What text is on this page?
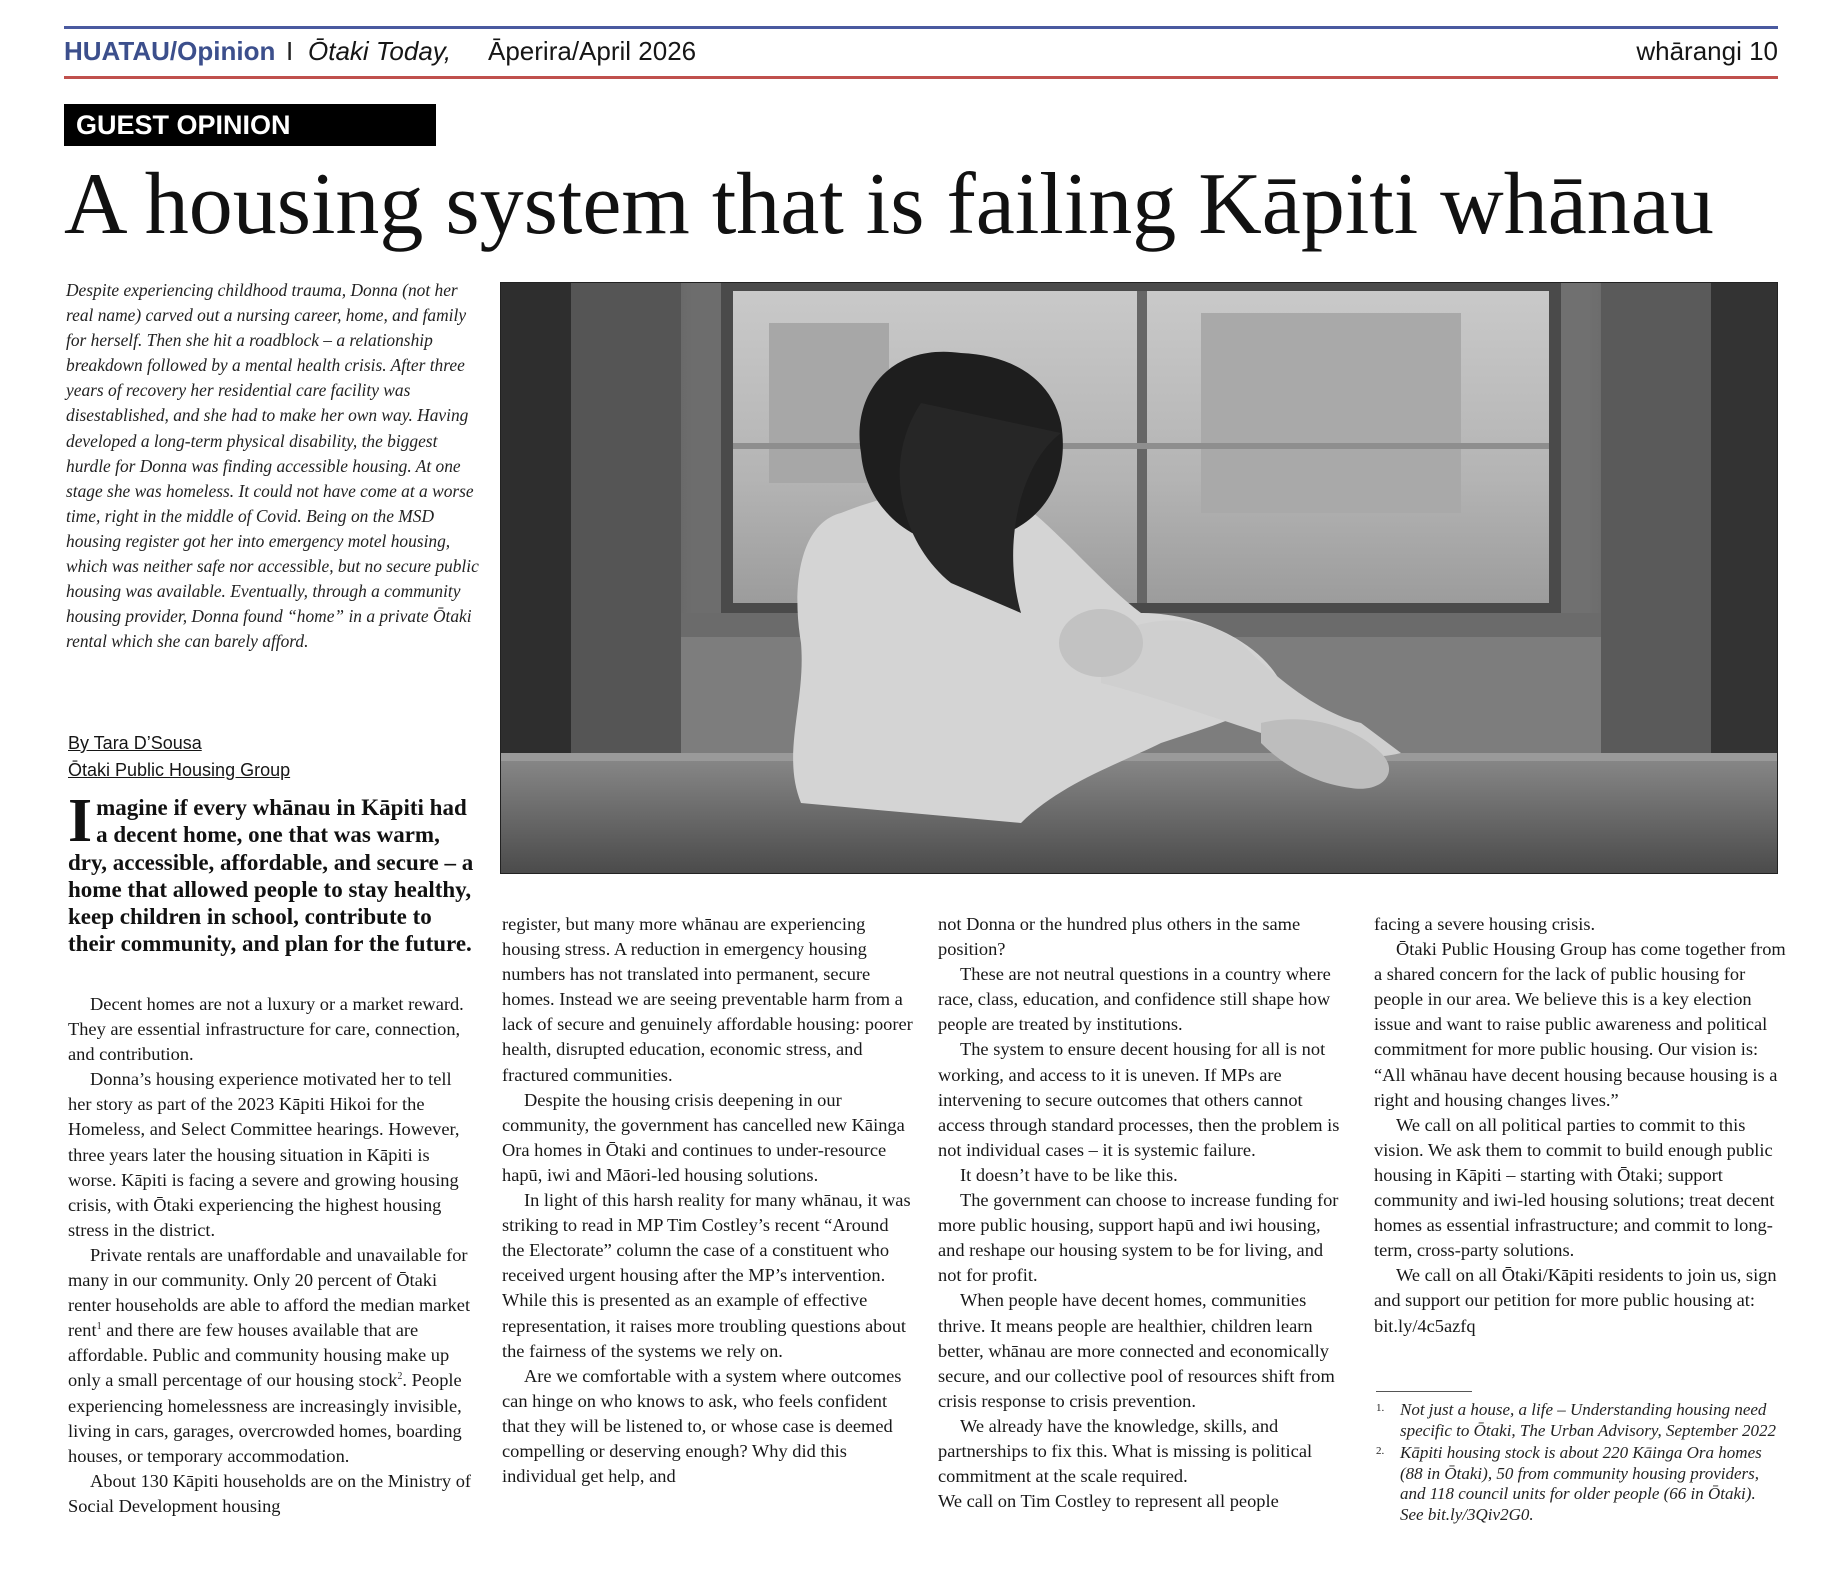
HUATAU/Opinion I Ōtaki Today, Āperira/April 2026	whārangi 10
GUEST OPINION
A housing system that is failing Kāpiti whānau

Despite experiencing childhood trauma, Donna (not her real name) carved out a nursing career, home, and family for herself. Then she hit a roadblock – a relationship breakdown followed by a mental health crisis. After three years of recovery her residential care facility was disestablished, and she had to make her own way. Having developed a long-term physical disability, the biggest hurdle for Donna was finding accessible housing. At one stage she was homeless. It could not have come at a worse time, right in the middle of Covid. Being on the MSD housing register got her into emergency motel housing, which was neither safe nor accessible, but no secure public housing was available. Eventually, through a community housing provider, Donna found “home” in a private Ōtaki rental which she can barely afford.

By Tara D’Sousa
Ōtaki Public Housing Group

Imagine if every whānau in Kāpiti had a decent home, one that was warm, dry, accessible, affordable, and secure – a home that allowed people to stay healthy, keep children in school, contribute to their community, and plan for the future.

Decent homes are not a luxury or a market reward. They are essential infrastructure for care, connection, and contribution.

Donna’s housing experience motivated her to tell her story as part of the 2023 Kāpiti Hikoi for the Homeless, and Select Committee hearings. However, three years later the housing situation in Kāpiti is worse. Kāpiti is facing a severe and growing housing crisis, with Ōtaki experiencing the highest housing stress in the district.

Private rentals are unaffordable and unavailable for many in our community. Only 20 percent of Ōtaki renter households are able to afford the median market rent$^1$ and there are few houses available that are affordable. Public and community housing make up only a small percentage of our housing stock$^2$. People experiencing homelessness are increasingly invisible, living in cars, garages, overcrowded homes, boarding houses, or temporary accommodation.

About 130 Kāpiti households are on the Ministry of Social Development housing

register, but many more whānau are experiencing housing stress. A reduction in emergency housing numbers has not translated into permanent, secure homes. Instead we are seeing preventable harm from a lack of secure and genuinely affordable housing: poorer health, disrupted education, economic stress, and fractured communities.

Despite the housing crisis deepening in our community, the government has cancelled new Kāinga Ora homes in Ōtaki and continues to under-resource hapū, iwi and Māori-led housing solutions.

In light of this harsh reality for many whānau, it was striking to read in MP Tim Costley’s recent “Around the Electorate” column the case of a constituent who received urgent housing after the MP’s intervention. While this is presented as an example of effective representation, it raises more troubling questions about the fairness of the systems we rely on.

Are we comfortable with a system where outcomes can hinge on who knows to ask, who feels confident that they will be listened to, or whose case is deemed compelling or deserving enough? Why did this individual get help, and

not Donna or the hundred plus others in the same position?

These are not neutral questions in a country where race, class, education, and confidence still shape how people are treated by institutions.

The system to ensure decent housing for all is not working, and access to it is uneven. If MPs are intervening to secure outcomes that others cannot access through standard processes, then the problem is not individual cases – it is systemic failure.

It doesn’t have to be like this.

The government can choose to increase funding for more public housing, support hapū and iwi housing, and reshape our housing system to be for living, and not for profit.

When people have decent homes, communities thrive. It means people are healthier, children learn better, whānau are more connected and economically secure, and our collective pool of resources shift from crisis response to crisis prevention.

We already have the knowledge, skills, and partnerships to fix this. What is missing is political commitment at the scale required.

We call on Tim Costley to represent all people

facing a severe housing crisis.

Ōtaki Public Housing Group has come together from a shared concern for the lack of public housing for people in our area. We believe this is a key election issue and want to raise public awareness and political commitment for more public housing. Our vision is: “All whānau have decent housing because housing is a right and housing changes lives.”

We call on all political parties to commit to this vision. We ask them to commit to build enough public housing in Kāpiti – starting with Ōtaki; support community and iwi-led housing solutions; treat decent homes as essential infrastructure; and commit to long-term, cross-party solutions.

We call on all Ōtaki/Kāpiti residents to join us, sign and support our petition for more public housing at: bit.ly/4c5azfq

1. Not just a house, a life – Understanding housing need specific to Ōtaki, The Urban Advisory, September 2022
2. Kāpiti housing stock is about 220 Kāinga Ora homes (88 in Ōtaki), 50 from community housing providers, and 118 council units for older people (66 in Ōtaki). See bit.ly/3Qiv2G0.
